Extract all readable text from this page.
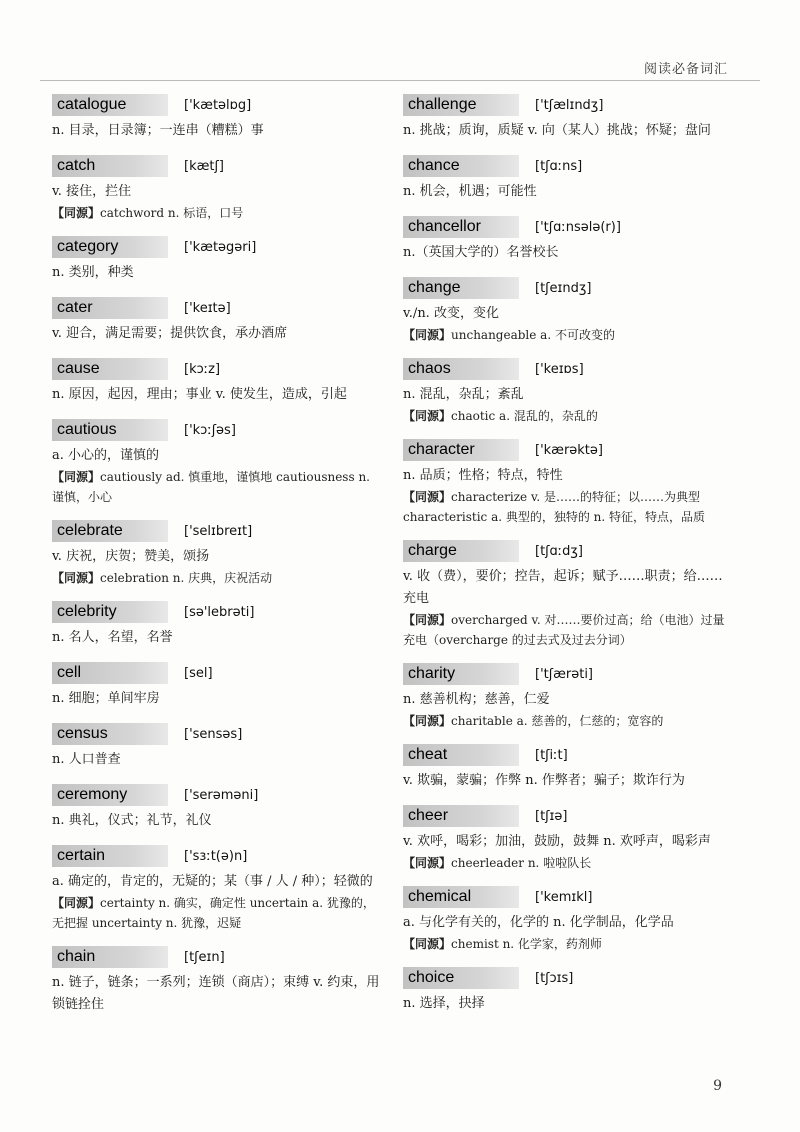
阅读必备词汇
catalogue	['kætəlɒg]

n. 目录，日录簿；一连串（糟糕）事

catch	[kætʃ]

v. 接住，拦住

【同源】catchword n. 标语，口号

category	['kætəgəri]

n. 类别，种类

cater	['keɪtə]

v. 迎合，满足需要；提供饮食，承办酒席

cause	[kɔːz]

n. 原因，起因，理由；事业 v. 使发生，造成，引起

cautious	['kɔːʃəs]

a. 小心的，谨慎的

【同源】cautiously ad. 慎重地，谨慎地 cautiousness n. 谨慎，小心

celebrate	['selɪbreɪt]

v. 庆祝，庆贺；赞美，颂扬

【同源】celebration n. 庆典，庆祝活动

celebrity	[sə'lebrəti]

n. 名人，名望，名誉

cell	[sel]

n. 细胞；单间牢房

census	['sensəs]

n. 人口普查

ceremony	['serəməni]

n. 典礼，仪式；礼节，礼仪

certain	['sɜːt(ə)n]

a. 确定的，肯定的，无疑的；某（事 / 人 / 种）；轻微的

【同源】certainty n. 确实，确定性 uncertain a. 犹豫的，无把握 uncertainty n. 犹豫，迟疑

chain	[tʃeɪn]

n. 链子，链条；一系列；连锁（商店）；束缚 v. 约束，用锁链拴住

challenge	['tʃælɪndʒ]

n. 挑战；质询，质疑 v. 向（某人）挑战；怀疑；盘问

chance	[tʃɑːns]

n. 机会，机遇；可能性

chancellor	['tʃɑːnsələ(r)]

n.（英国大学的）名誉校长

change	[tʃeɪndʒ]

v./n. 改变，变化

【同源】unchangeable a. 不可改变的

chaos	['keɪɒs]

n. 混乱，杂乱；紊乱

【同源】chaotic a. 混乱的，杂乱的

character	['kærəktə]

n. 品质；性格；特点，特性

【同源】characterize v. 是……的特征；以……为典型 characteristic a. 典型的，独特的 n. 特征，特点，品质

charge	[tʃɑːdʒ]

v. 收（费），要价；控告，起诉；赋予……职责；给……充电

【同源】overcharged v. 对……要价过高；给（电池）过量充电（overcharge 的过去式及过去分词）

charity	['tʃærəti]

n. 慈善机构；慈善，仁爱

【同源】charitable a. 慈善的，仁慈的；宽容的

cheat	[tʃiːt]

v. 欺骗，蒙骗；作弊 n. 作弊者；骗子；欺诈行为

cheer	[tʃɪə]

v. 欢呼，喝彩；加油，鼓励，鼓舞 n. 欢呼声，喝彩声

【同源】cheerleader n. 啦啦队长

chemical	['kemɪkl]

a. 与化学有关的，化学的 n. 化学制品，化学品

【同源】chemist n. 化学家，药剂师

choice	[tʃɔɪs]

n. 选择，抉择

9
